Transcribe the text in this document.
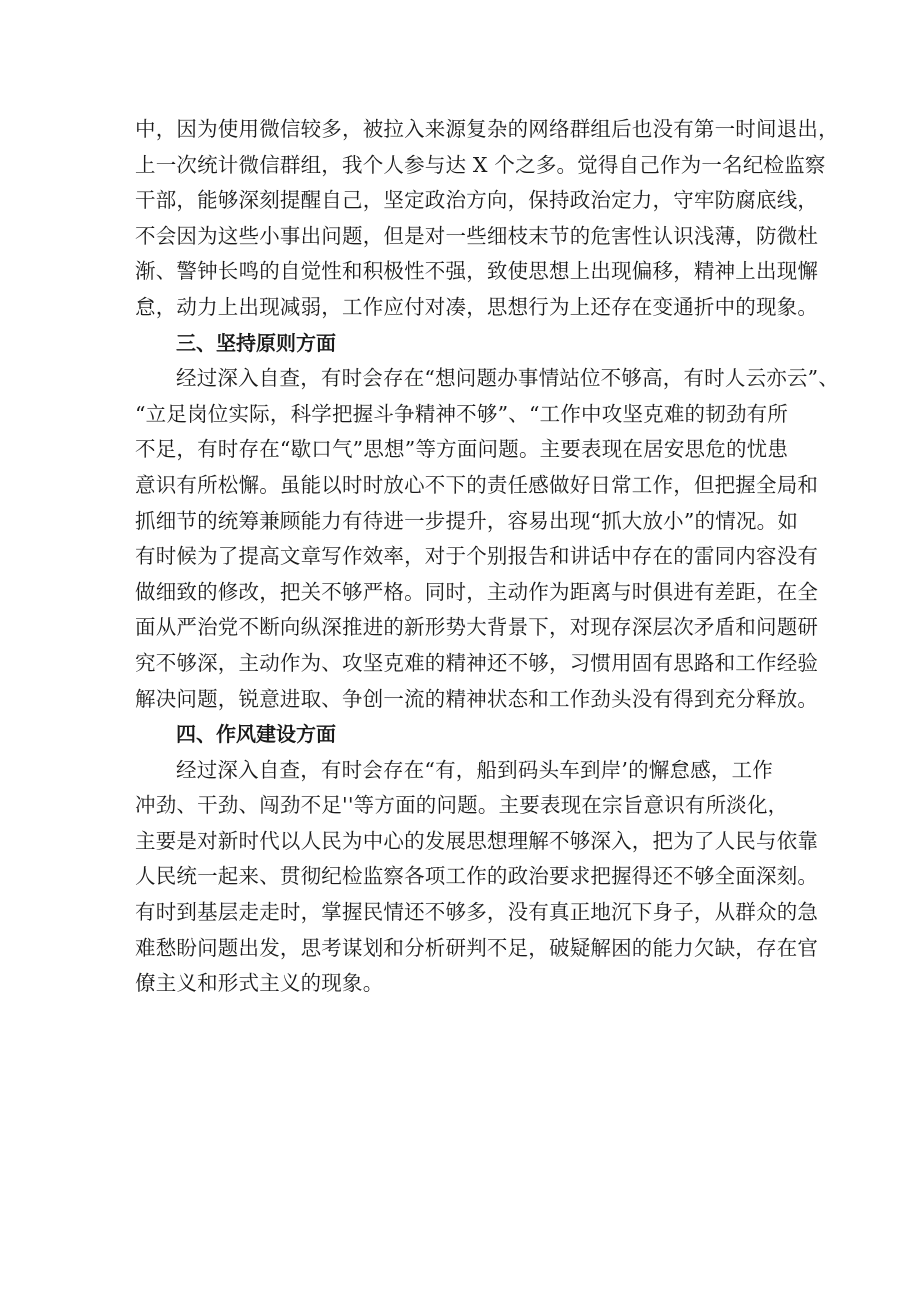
中，因为使用微信较多，被拉入来源复杂的网络群组后也没有第一时间退出，
上一次统计微信群组，我个人参与达 X 个之多。觉得自己作为一名纪检监察
干部，能够深刻提醒自己，坚定政治方向，保持政治定力，守牢防腐底线，
不会因为这些小事出问题，但是对一些细枝末节的危害性认识浅薄，防微杜
渐、警钟长鸣的自觉性和积极性不强，致使思想上出现偏移，精神上出现懈
怠，动力上出现减弱，工作应付对凑，思想行为上还存在变通折中的现象。
三、坚持原则方面
经过深入自查，有时会存在“想问题办事情站位不够高，有时人云亦云”、
“立足岗位实际，科学把握斗争精神不够”、“工作中攻坚克难的韧劲有所
不足，有时存在“歇口气”思想”等方面问题。主要表现在居安思危的忧患
意识有所松懈。虽能以时时放心不下的责任感做好日常工作，但把握全局和
抓细节的统筹兼顾能力有待进一步提升，容易出现“抓大放小”的情况。如
有时候为了提高文章写作效率，对于个别报告和讲话中存在的雷同内容没有
做细致的修改，把关不够严格。同时，主动作为距离与时俱进有差距，在全
面从严治党不断向纵深推进的新形势大背景下，对现存深层次矛盾和问题研
究不够深，主动作为、攻坚克难的精神还不够，习惯用固有思路和工作经验
解决问题，锐意进取、争创一流的精神状态和工作劲头没有得到充分释放。
四、作风建设方面
经过深入自查，有时会存在“有，船到码头车到岸’的懈怠感，工作
冲劲、干劲、闯劲不足''等方面的问题。主要表现在宗旨意识有所淡化，
主要是对新时代以人民为中心的发展思想理解不够深入，把为了人民与依靠
人民统一起来、贯彻纪检监察各项工作的政治要求把握得还不够全面深刻。
有时到基层走走时，掌握民情还不够多，没有真正地沉下身子，从群众的急
难愁盼问题出发，思考谋划和分析研判不足，破疑解困的能力欠缺，存在官
僚主义和形式主义的现象。
